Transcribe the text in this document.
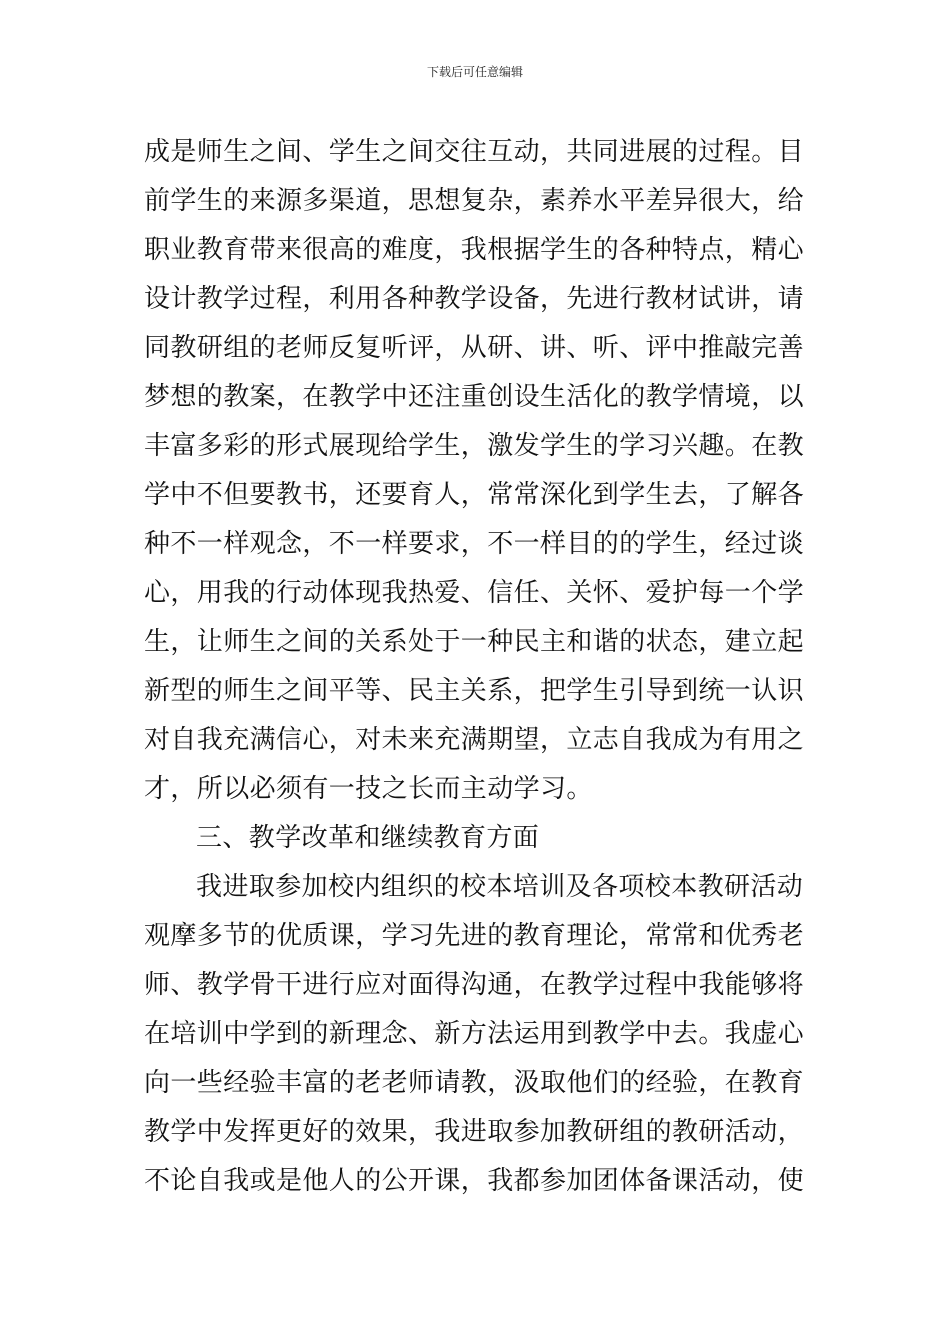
下载后可任意编辑
成是师生之间、学生之间交往互动，共同进展的过程。目
前学生的来源多渠道，思想复杂，素养水平差异很大，给
职业教育带来很高的难度，我根据学生的各种特点，精心
设计教学过程，利用各种教学设备，先进行教材试讲，请
同教研组的老师反复听评，从研、讲、听、评中推敲完善
梦想的教案，在教学中还注重创设生活化的教学情境，以
丰富多彩的形式展现给学生，激发学生的学习兴趣。在教
学中不但要教书，还要育人，常常深化到学生去，了解各
种不一样观念，不一样要求，不一样目的的学生，经过谈
心，用我的行动体现我热爱、信任、关怀、爱护每一个学
生，让师生之间的关系处于一种民主和谐的状态，建立起
新型的师生之间平等、民主关系，把学生引导到统一认识
对自我充满信心，对未来充满期望，立志自我成为有用之
才，所以必须有一技之长而主动学习。
三、教学改革和继续教育方面
我进取参加校内组织的校本培训及各项校本教研活动
观摩多节的优质课，学习先进的教育理论，常常和优秀老
师、教学骨干进行应对面得沟通，在教学过程中我能够将
在培训中学到的新理念、新方法运用到教学中去。我虚心
向一些经验丰富的老老师请教，汲取他们的经验，在教育
教学中发挥更好的效果，我进取参加教研组的教研活动，
不论自我或是他人的公开课，我都参加团体备课活动，使
